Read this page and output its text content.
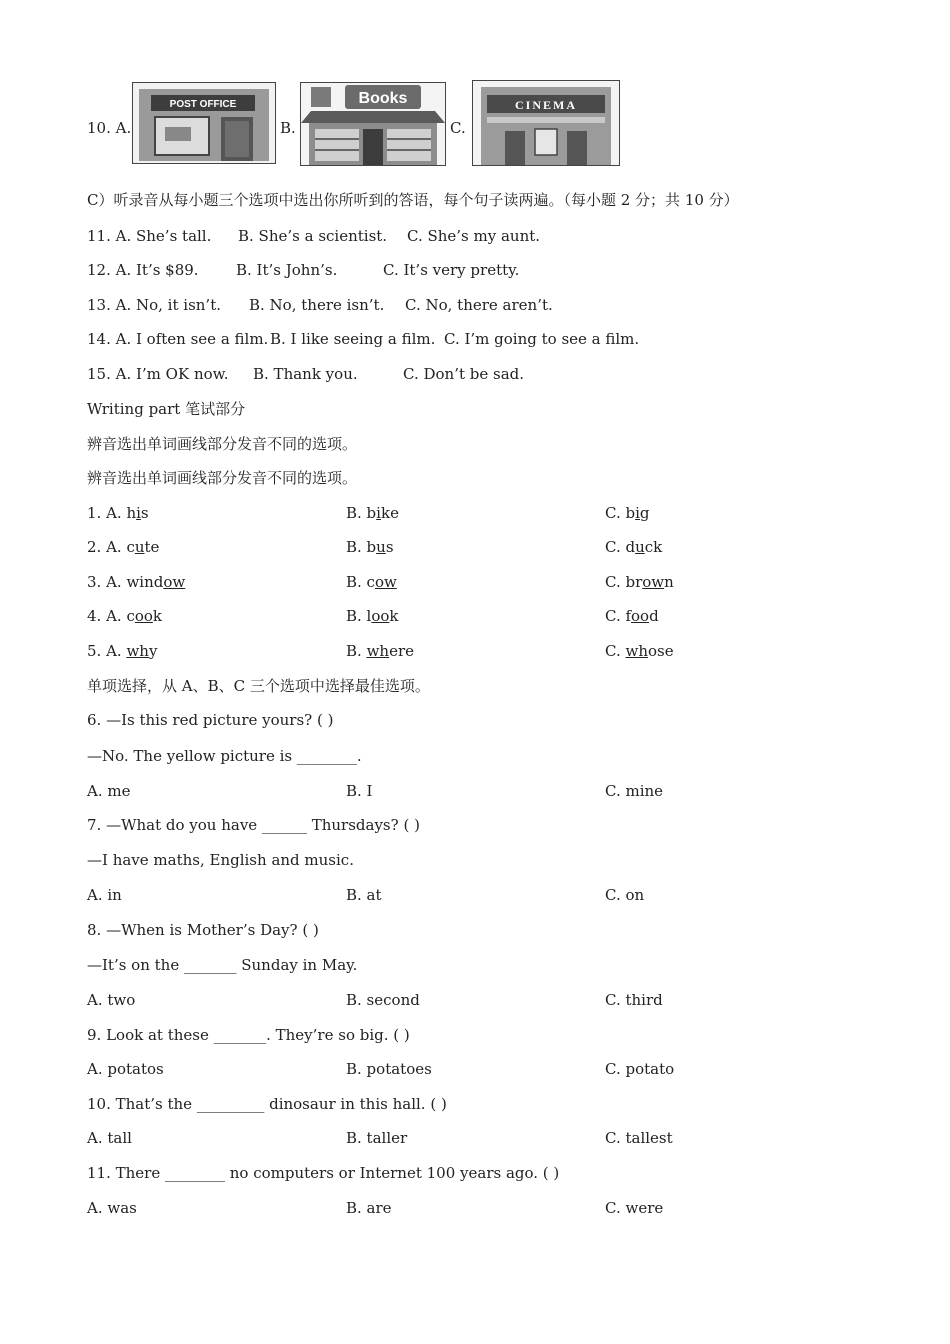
10. A.
POST OFFICE
B.
Books
C.
CINEMA
C）听录音从每小题三个选项中选出你所听到的答语，每个句子读两遍。（每小题 2 分；共 10 分）
11. A. She’s tall. B. She’s a scientist. C. She’s my aunt.
12. A. It’s $89. B. It’s John’s.	C. It’s very pretty.
13. A. No, it isn’t. B. No, there isn’t. C. No, there aren’t.
14. A. I often see a film. B. I like seeing a film. C. I’m going to see a film.
15. A. I’m OK now. B. Thank you.	C. Don’t be sad.
Writing part 笔试部分
辨音选出单词画线部分发音不同的选项。
辨音选出单词画线部分发音不同的选项。
1. A. his	B. bike	C. big
2. A. cute	B. bus	C. duck
3. A. window	B. cow	C. brown
4. A. cook	B. look	C. food
5. A. why	B. where	C. whose
单项选择，从 A、B、C 三个选项中选择最佳选项。
6. —Is this red picture yours? ( )
—No. The yellow picture is ________.
A. me	B. I	C. mine
7. —What do you have ______ Thursdays? ( )
—I have maths, English and music.
A. in	B. at	C. on
8. —When is Mother’s Day? ( )
—It’s on the _______ Sunday in May.
A. two	B. second	C. third
9. Look at these _______. They’re so big. ( )
A. potatos	B. potatoes	C. potato
10. That’s the _________ dinosaur in this hall. ( )
A. tall	B. taller	C. tallest
11. There ________ no computers or Internet 100 years ago. ( )
A. was	B. are	C. were
